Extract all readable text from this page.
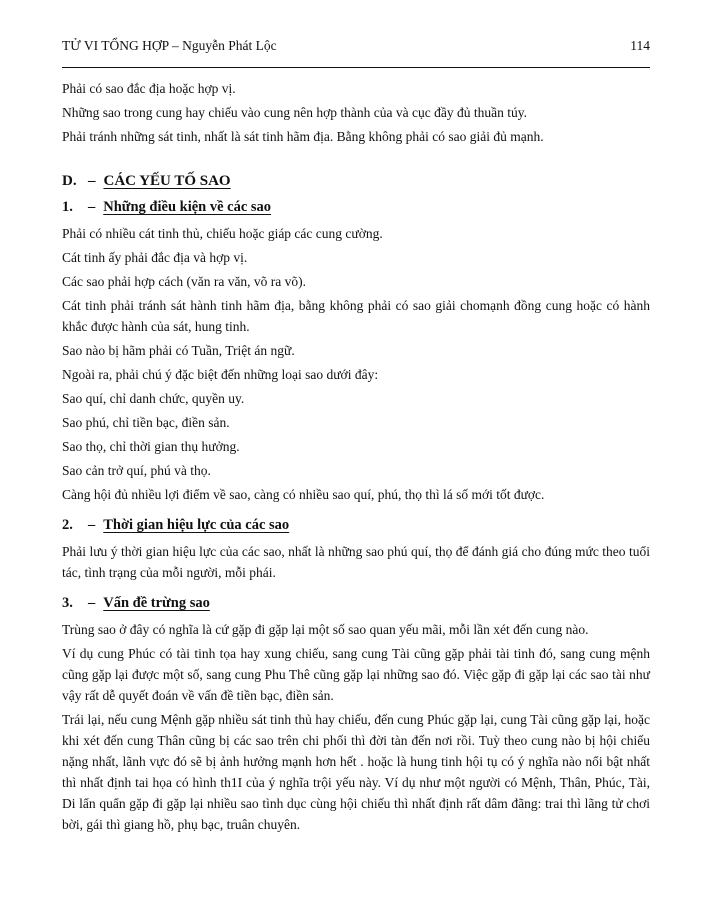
TỬ VI TỔNG HỢP – Nguyễn Phát Lộc	114

Phải có sao đắc địa hoặc hợp vị.

Những sao trong cung hay chiếu vào cung nên hợp thành của và cục đầy đủ thuần túy.

Phải tránh những sát tinh, nhất là sát tinh hãm địa. Bằng không phải có sao giải đủ mạnh.

D. – CÁC YẾU TỐ SAO
1. – Những điều kiện về các sao

Phải có nhiều cát tinh thủ, chiếu hoặc giáp các cung cường.

Cát tinh ấy phải đắc địa và hợp vị.

Các sao phải hợp cách (văn ra văn, võ ra võ).

Cát tinh phải tránh sát hành tinh hãm địa, bằng không phải có sao giải chomạnh đồng cung hoặc có hành khắc được hành của sát, hung tinh.

Sao nào bị hãm phải có Tuần, Triệt án ngữ.

Ngoài ra, phải chú ý đặc biệt đến những loại sao dưới đây:

Sao quí, chỉ danh chức, quyền uy.

Sao phú, chỉ tiền bạc, điền sản.

Sao thọ, chỉ thời gian thụ hưởng.

Sao cản trở quí, phú và thọ.

Càng hội đủ nhiều lợi điểm về sao, càng có nhiều sao quí, phú, thọ thì lá số mới tốt được.

2. – Thời gian hiệu lực của các sao

Phải lưu ý thời gian hiệu lực của các sao, nhất là những sao phú quí, thọ để đánh giá cho đúng mức theo tuổi tác, tình trạng của mỗi người, mỗi phái.

3. – Vấn đề trừng sao

Trùng sao ở đây có nghĩa là cứ gặp đi gặp lại một số sao quan yếu mãi, mỗi lần xét đến cung nào.

Ví dụ cung Phúc có tài tinh tọa hay xung chiếu, sang cung Tài cũng gặp phải tài tinh đó, sang cung mệnh cũng gặp lại được một số, sang cung Phu Thê cũng gặp lại những sao đó. Việc gặp đi gặp lại các sao tài như vậy rất dễ quyết đoán về vấn đề tiền bạc, điền sản.

Trái lại, nếu cung Mệnh gặp nhiều sát tinh thủ hay chiếu, đến cung Phúc gặp lại, cung Tài cũng gặp lại, hoặc khi xét đến cung Thân cũng bị các sao trên chi phối thì đời tàn đến nơi rồi. Tuỳ theo cung nào bị hội chiếu nặng nhất, lãnh vực đó sẽ bị ảnh hưởng mạnh hơn hết . hoặc là hung tinh hội tụ có ý nghĩa nào nổi bật nhất thì nhất định tai họa có hình th1I của ý nghĩa trội yếu này. Ví dụ như một người có Mệnh, Thân, Phúc, Tài, Di lẩn quẩn gặp đi gặp lại nhiều sao tình dục cùng hội chiếu thì nhất định rất dâm đãng: trai thì lãng tử chơi bời, gái thì giang hồ, phụ bạc, truân chuyên.
